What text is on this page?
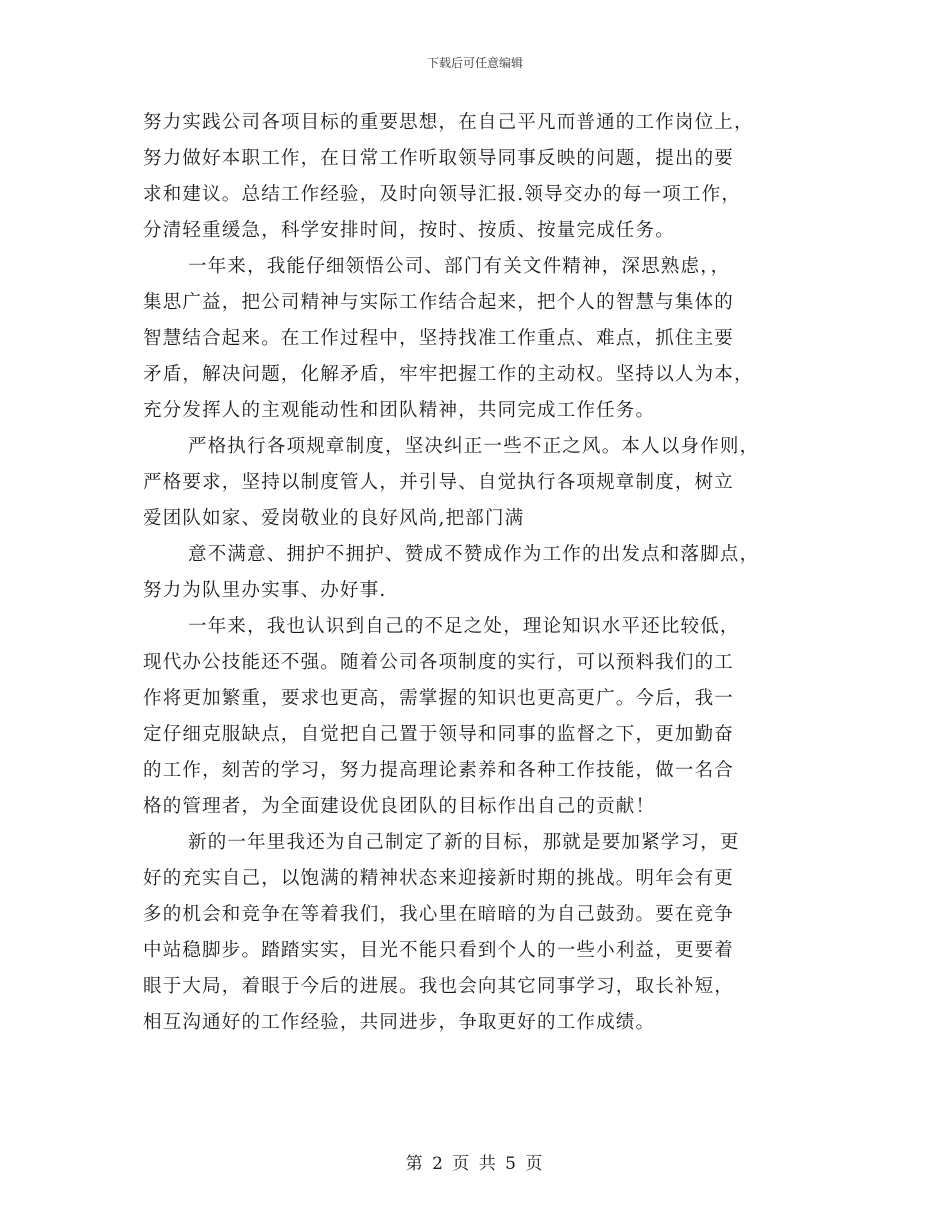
下载后可任意编辑
努力实践公司各项目标的重要思想，在自己平凡而普通的工作岗位上，
努力做好本职工作，在日常工作听取领导同事反映的问题，提出的要
求和建议。总结工作经验，及时向领导汇报.领导交办的每一项工作，
分清轻重缓急，科学安排时间，按时、按质、按量完成任务。
一年来，我能仔细领悟公司、部门有关文件精神，深思熟虑，，
集思广益，把公司精神与实际工作结合起来，把个人的智慧与集体的
智慧结合起来。在工作过程中，坚持找准工作重点、难点，抓住主要
矛盾，解决问题，化解矛盾，牢牢把握工作的主动权。坚持以人为本，
充分发挥人的主观能动性和团队精神，共同完成工作任务。
严格执行各项规章制度，坚决纠正一些不正之风。本人以身作则，
严格要求，坚持以制度管人，并引导、自觉执行各项规章制度，树立
爱团队如家、爱岗敬业的良好风尚,把部门满
意不满意、拥护不拥护、赞成不赞成作为工作的出发点和落脚点，
努力为队里办实事、办好事.
一年来，我也认识到自己的不足之处，理论知识水平还比较低，
现代办公技能还不强。随着公司各项制度的实行，可以预料我们的工
作将更加繁重，要求也更高，需掌握的知识也更高更广。今后，我一
定仔细克服缺点，自觉把自己置于领导和同事的监督之下，更加勤奋
的工作，刻苦的学习，努力提高理论素养和各种工作技能，做一名合
格的管理者，为全面建设优良团队的目标作出自己的贡献！
新的一年里我还为自己制定了新的目标，那就是要加紧学习，更
好的充实自己，以饱满的精神状态来迎接新时期的挑战。明年会有更
多的机会和竞争在等着我们，我心里在暗暗的为自己鼓劲。要在竞争
中站稳脚步。踏踏实实，目光不能只看到个人的一些小利益，更要着
眼于大局，着眼于今后的进展。我也会向其它同事学习，取长补短，
相互沟通好的工作经验，共同进步，争取更好的工作成绩。
第 2 页 共 5 页
